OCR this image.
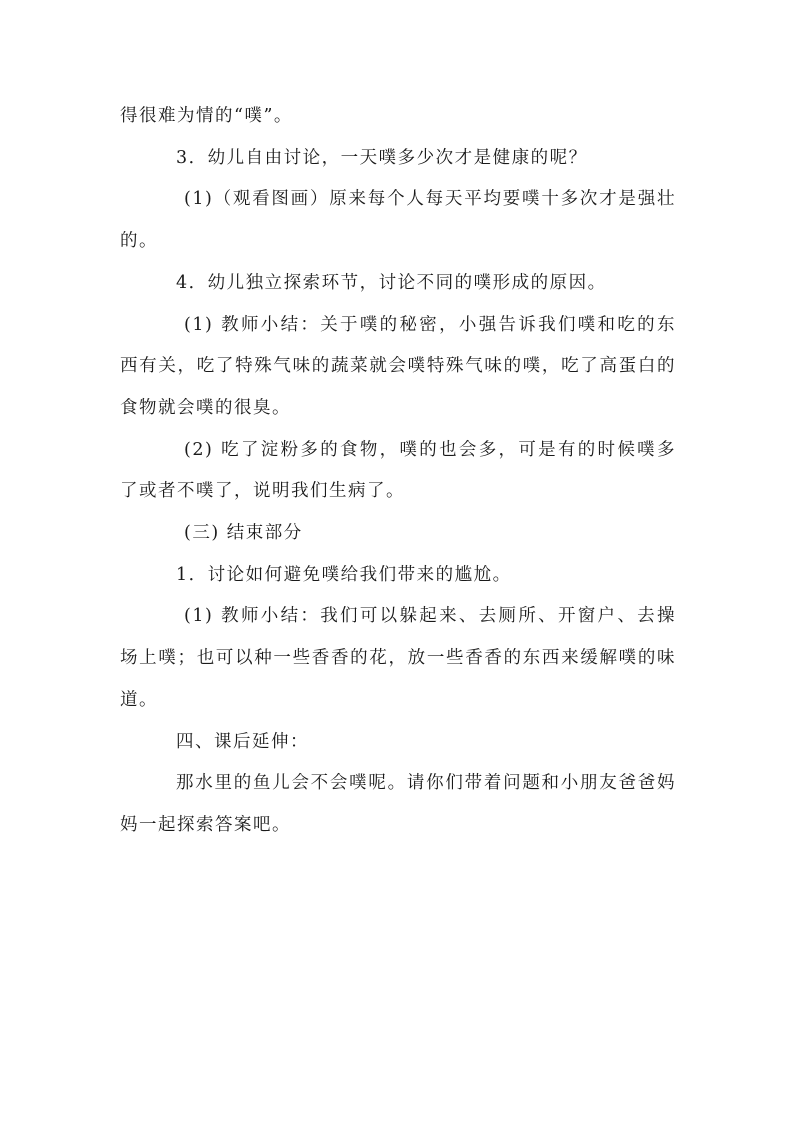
得很难为情的“噗”。

3．幼儿自由讨论，一天噗多少次才是健康的呢？

(1)（观看图画）原来每个人每天平均要噗十多次才是强壮的。

4．幼儿独立探索环节，讨论不同的噗形成的原因。

(1) 教师小结：关于噗的秘密，小强告诉我们噗和吃的东西有关，吃了特殊气味的蔬菜就会噗特殊气味的噗，吃了高蛋白的食物就会噗的很臭。

(2) 吃了淀粉多的食物，噗的也会多，可是有的时候噗多了或者不噗了，说明我们生病了。

(三) 结束部分

1．讨论如何避免噗给我们带来的尴尬。

(1) 教师小结：我们可以躲起来、去厕所、开窗户、去操场上噗；也可以种一些香香的花，放一些香香的东西来缓解噗的味道。

四、课后延伸：

那水里的鱼儿会不会噗呢。请你们带着问题和小朋友爸爸妈妈一起探索答案吧。
